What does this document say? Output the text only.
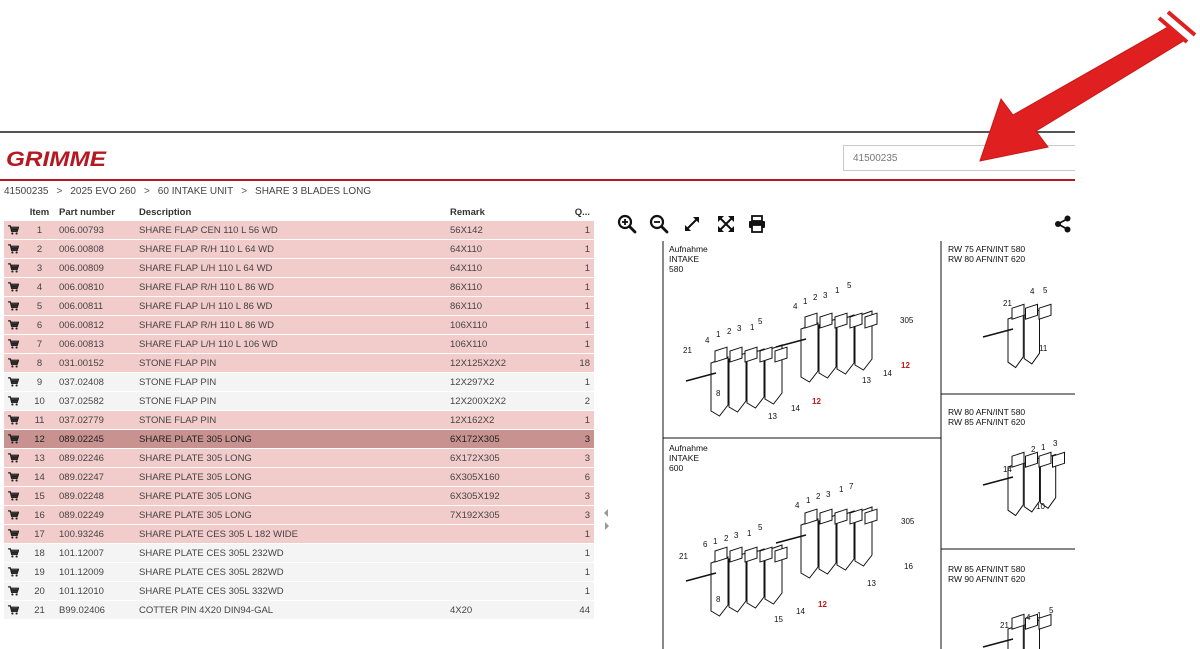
GRIMME
41500235
41500235 > 2025 EVO 260 > 60 INTAKE UNIT > SHARE 3 BLADES LONG
	Item	Part number	Description	Remark	Q...

	1	006.00793	SHARE FLAP CEN 110 L 56 WD	56X142	1

	2	006.00808	SHARE FLAP R/H 110 L 64 WD	64X110	1

	3	006.00809	SHARE FLAP L/H 110 L 64 WD	64X110	1

	4	006.00810	SHARE FLAP R/H 110 L 86 WD	86X110	1

	5	006.00811	SHARE FLAP L/H 110 L 86 WD	86X110	1

	6	006.00812	SHARE FLAP R/H 110 L 86 WD	106X110	1

	7	006.00813	SHARE FLAP L/H 110 L 106 WD	106X110	1

	8	031.00152	STONE FLAP PIN	12X125X2X2	18

	9	037.02408	STONE FLAP PIN	12X297X2	1

	10	037.02582	STONE FLAP PIN	12X200X2X2	2

	11	037.02779	STONE FLAP PIN	12X162X2	1

	12	089.02245	SHARE PLATE 305 LONG	6X172X305	3

	13	089.02246	SHARE PLATE 305 LONG	6X172X305	3

	14	089.02247	SHARE PLATE 305 LONG	6X305X160	6

	15	089.02248	SHARE PLATE 305 LONG	6X305X192	3

	16	089.02249	SHARE PLATE 305 LONG	7X192X305	3

	17	100.93246	SHARE PLATE CES 305 L 182 WIDE		1

	18	101.12007	SHARE PLATE CES 305L 232WD		1

	19	101.12009	SHARE PLATE CES 305L 282WD		1

	20	101.12010	SHARE PLATE CES 305L 332WD		1

	21	B99.02406	COTTER PIN 4X20 DIN94-GAL	4X20	44
Aufnahme
INTAKE
580
Aufnahme
INTAKE
600
RW 75 AFN/INT 580
RW 80 AFN/INT 620
RW 80 AFN/INT 580
RW 85 AFN/INT 620
RW 85 AFN/INT 580
RW 90 AFN/INT 620
21
4
1 2 3 1
5
8
13
14
12
4
1 2 3
1
5
305
13
14
12
21
6 1 2 3 1
5
8
14
15
12
4
1 2 3
1 7
305
13
16
21
4 5
11
2 1 3
14
10
4 1
5
21
